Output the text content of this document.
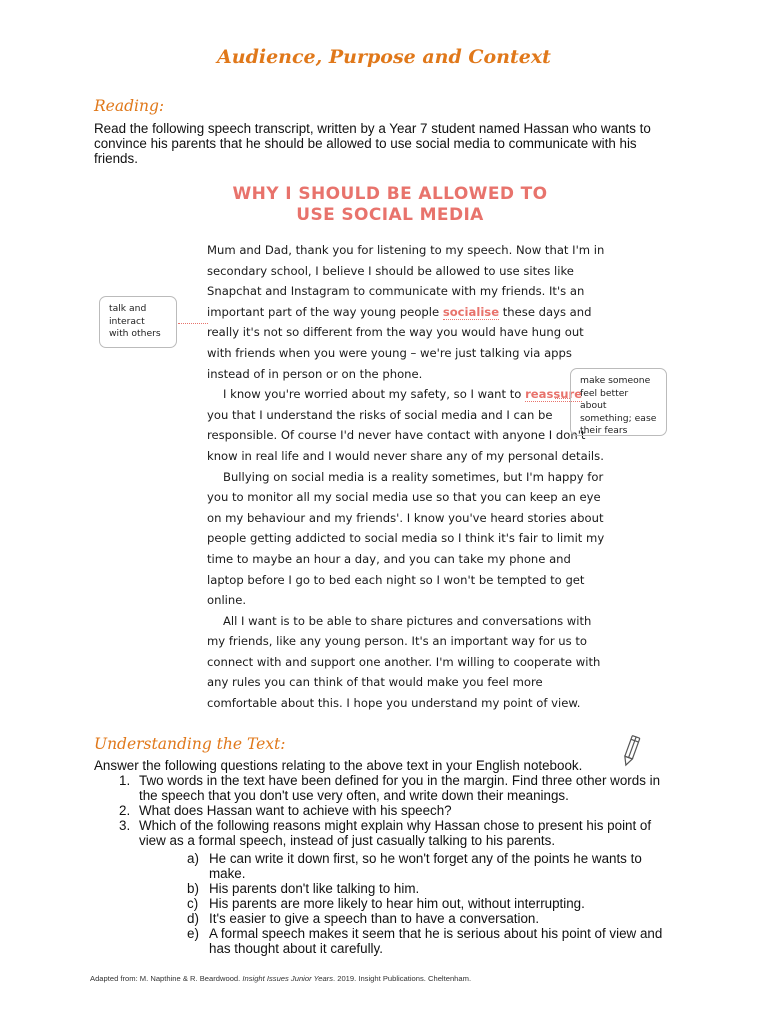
Audience, Purpose and Context
Reading:
Read the following speech transcript, written by a Year 7 student named Hassan who wants to convince his parents that he should be allowed to use social media to communicate with his friends.
WHY I SHOULD BE ALLOWED TO
USE SOCIAL MEDIA

Mum and Dad, thank you for listening to my speech. Now that I'm in secondary school, I believe I should be allowed to use sites like Snapchat and Instagram to communicate with my friends. It's an important part of the way young people socialise these days and really it's not so different from the way you would have hung out with friends when you were young – we're just talking via apps instead of in person or on the phone.

I know you're worried about my safety, so I want to reassure you that I understand the risks of social media and I can be responsible. Of course I'd never have contact with anyone I don't know in real life and I would never share any of my personal details.

Bullying on social media is a reality sometimes, but I'm happy for you to monitor all my social media use so that you can keep an eye on my behaviour and my friends'. I know you've heard stories about people getting addicted to social media so I think it's fair to limit my time to maybe an hour a day, and you can take my phone and laptop before I go to bed each night so I won't be tempted to get online.

All I want is to be able to share pictures and conversations with my friends, like any young person. It's an important way for us to connect with and support one another. I'm willing to cooperate with any rules you can think of that would make you feel more comfortable about this. I hope you understand my point of view.

talk and interact with others
make someone feel better about something; ease their fears
Understanding the Text:
Answer the following questions relating to the above text in your English notebook.
1. Two words in the text have been defined for you in the margin. Find three other words in the speech that you don't use very often, and write down their meanings.
2. What does Hassan want to achieve with his speech?
3. Which of the following reasons might explain why Hassan chose to present his point of view as a formal speech, instead of just casually talking to his parents.
a) He can write it down first, so he won't forget any of the points he wants to make.
b) His parents don't like talking to him.
c) His parents are more likely to hear him out, without interrupting.
d) It's easier to give a speech than to have a conversation.
e) A formal speech makes it seem that he is serious about his point of view and has thought about it carefully.
Adapted from: M. Napthine & R. Beardwood. Insight Issues Junior Years. 2019. Insight Publications. Cheltenham.
